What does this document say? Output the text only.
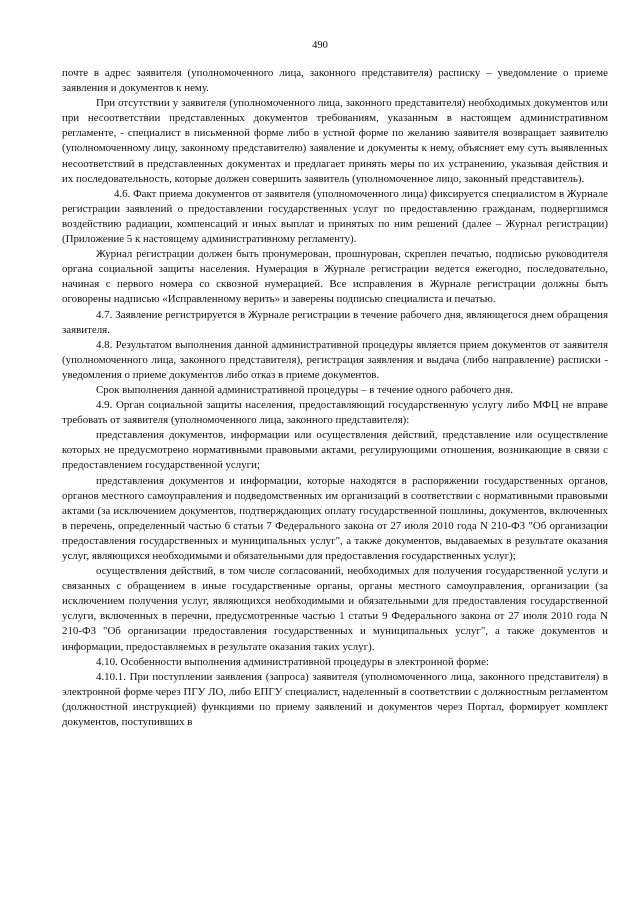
490

почте в адрес заявителя (уполномоченного лица, законного представителя) расписку – уведомление о приеме заявления и документов к нему.

При отсутствии у заявителя (уполномоченного лица, законного представителя) необходимых документов или при несоответствии представленных документов требованиям, указанным в настоящем административном регламенте, - специалист в письменной форме либо в устной форме по желанию заявителя возвращает заявителю (уполномоченному лицу, законному представителю) заявление и документы к нему, объясняет ему суть выявленных несоответствий в представленных документах и предлагает принять меры по их устранению, указывая действия и их последовательность, которые должен совершить заявитель (уполномоченное лицо, законный представитель).

4.6. Факт приема документов от заявителя (уполномоченного лица) фиксируется специалистом в Журнале регистрации заявлений о предоставлении государственных услуг по предоставлению гражданам, подвергшимся воздействию радиации, компенсаций и иных выплат и принятых по ним решений (далее – Журнал регистрации) (Приложение 5 к настоящему административному регламенту).

Журнал регистрации должен быть пронумерован, прошнурован, скреплен печатью, подписью руководителя органа социальной защиты населения. Нумерация в Журнале регистрации ведется ежегодно, последовательно, начиная с первого номера со сквозной нумерацией. Все исправления в Журнале регистрации должны быть оговорены надписью «Исправленному верить» и заверены подписью специалиста и печатью.

4.7. Заявление регистрируется в Журнале регистрации в течение рабочего дня, являющегося днем обращения заявителя.

4.8. Результатом выполнения данной административной процедуры является прием документов от заявителя (уполномоченного лица, законного представителя), регистрация заявления и выдача (либо направление) расписки - уведомления о приеме документов либо отказ в приеме документов.

Срок выполнения данной административной процедуры – в течение одного рабочего дня.

4.9. Орган социальной защиты населения, предоставляющий государственную услугу либо МФЦ не вправе требовать от заявителя (уполномоченного лица, законного представителя):

представления документов, информации или осуществления действий, представление или осуществление которых не предусмотрено нормативными правовыми актами, регулирующими отношения, возникающие в связи с предоставлением государственной услуги;

представления документов и информации, которые находятся в распоряжении государственных органов, органов местного самоуправления и подведомственных им организаций в соответствии с нормативными правовыми актами (за исключением документов, подтверждающих оплату государственной пошлины, документов, включенных в перечень, определенный частью 6 статьи 7 Федерального закона от 27 июля 2010 года N 210-ФЗ "Об организации предоставления государственных и муниципальных услуг", а также документов, выдаваемых в результате оказания услуг, являющихся необходимыми и обязательными для предоставления государственных услуг);

осуществления действий, в том числе согласований, необходимых для получения государственной услуги и связанных с обращением в иные государственные органы, органы местного самоуправления, организации (за исключением получения услуг, являющихся необходимыми и обязательными для предоставления государственной услуги, включенных в перечни, предусмотренные частью 1 статьи 9 Федерального закона от 27 июля 2010 года N 210-ФЗ "Об организации предоставления государственных и муниципальных услуг", а также документов и информации, предоставляемых в результате оказания таких услуг).

4.10. Особенности выполнения административной процедуры в электронной форме:

4.10.1. При поступлении заявления (запроса) заявителя (уполномоченного лица, законного представителя) в электронной форме через ПГУ ЛО, либо ЕПГУ специалист, наделенный в соответствии с должностным регламентом (должностной инструкцией) функциями по приему заявлений и документов через Портал, формирует комплект документов, поступивших в
